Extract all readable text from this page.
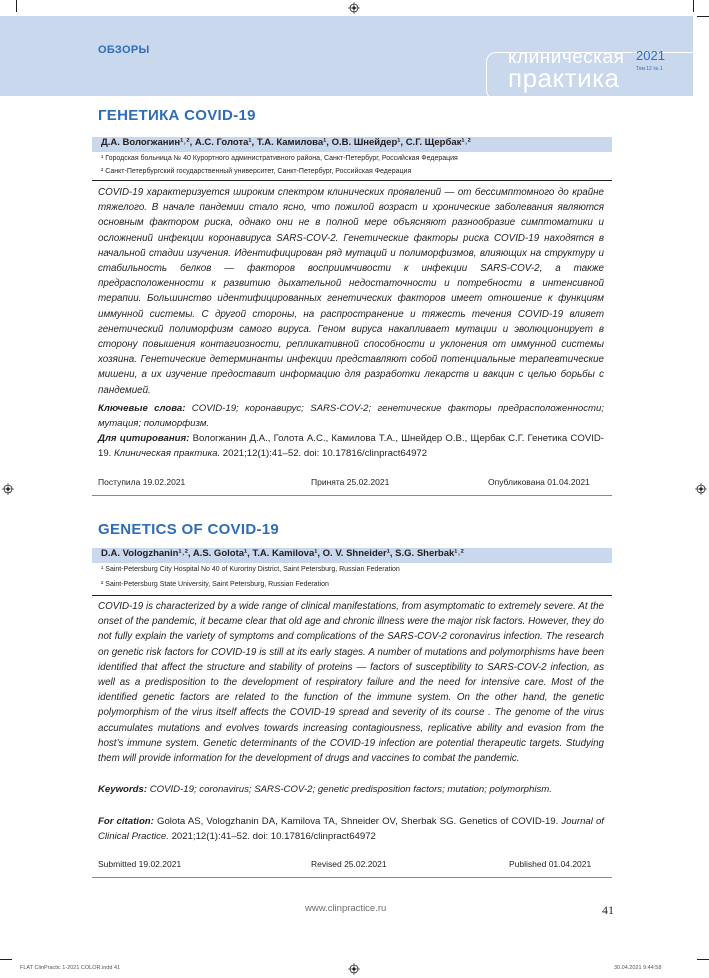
ОБЗОРЫ	клиническая
практика
2021
Том 12 № 1
ГЕНЕТИКА COVID-19
Д.А. Вологжанин¹˒², А.С. Голота¹, Т.А. Камилова¹, О.В. Шнейдер¹, С.Г. Щербак¹˒²
¹ Городская больница № 40 Курортного административного района, Санкт-Петербург, Российская Федерация
² Санкт-Петербургский государственный университет, Санкт-Петербург, Российская Федерация

COVID-19 характеризуется широким спектром клинических проявлений — от бессимптомного до крайне тяжелого. В начале пандемии стало ясно, что пожилой возраст и хронические заболевания являются основным фактором риска, однако они не в полной мере объясняют разнообразие симптоматики и осложнений инфекции коронавируса SARS-COV-2. Генетические факторы риска COVID-19 находятся в начальной стадии изучения. Идентифицирован ряд мутаций и полиморфизмов, влияющих на структуру и стабильность белков — факторов восприимчивости к инфекции SARS-COV-2, а также предрасположенности к развитию дыхательной недостаточности и потребности в интенсивной терапии. Большинство идентифицированных генетических факторов имеет отношение к функциям иммунной системы. С другой стороны, на распространение и тяжесть течения COVID-19 влияет генетический полиморфизм самого вируса. Геном вируса накапливает мутации и эволюционирует в сторону повышения контагиозности, репликативной способности и уклонения от иммунной системы хозяина. Генетические детерминанты инфекции представляют собой потенциальные терапевтические мишени, а их изучение предоставит информацию для разработки лекарств и вакцин с целью борьбы с пандемией.

Ключевые слова: COVID-19; коронавирус; SARS-COV-2; генетические факторы предрасположенности; мутация; полиморфизм.

Для цитирования: Вологжанин Д.А., Голота А.С., Камилова Т.А., Шнейдер О.В., Щербак С.Г. Генетика COVID-19. Клиническая практика. 2021;12(1):41–52. doi: 10.17816/clinpract64972

Поступила 19.02.2021	Принята 25.02.2021	Опубликована 01.04.2021
GENETICS OF COVID-19
D.A. Vologzhanin¹˒², A.S. Golota¹, T.A. Kamilova¹, O. V. Shneider¹, S.G. Sherbak¹˒²
¹ Saint-Petersburg City Hospital No 40 of Kurortny District, Saint Petersburg, Russian Federation
² Saint-Petersburg State University, Saint Petersburg, Russian Federation

COVID-19 is characterized by a wide range of clinical manifestations, from asymptomatic to extremely severe. At the onset of the pandemic, it became clear that old age and chronic illness were the major risk factors. However, they do not fully explain the variety of symptoms and complications of the SARS-COV-2 coronavirus infection. The research on genetic risk factors for COVID-19 is still at its early stages. A number of mutations and polymorphisms have been identified that affect the structure and stability of proteins — factors of susceptibility to SARS-COV-2 infection, as well as a predisposition to the development of respiratory failure and the need for intensive care. Most of the identified genetic factors are related to the function of the immune system. On the other hand, the genetic polymorphism of the virus itself affects the COVID-19 spread and severity of its course . The genome of the virus accumulates mutations and evolves towards increasing contagiousness, replicative ability and evasion from the host’s immune system. Genetic determinants of the COVID-19 infection are potential therapeutic targets. Studying them will provide information for the development of drugs and vaccines to combat the pandemic.

Keywords: COVID-19; coronavirus; SARS-COV-2; genetic predisposition factors; mutation; polymorphism.

For citation: Golota AS, Vologzhanin DA, Kamilova TA, Shneider OV, Sherbak SG. Genetics of COVID-19. Journal of Clinical Practice. 2021;12(1):41–52. doi: 10.17816/clinpract64972

Submitted 19.02.2021	Revised 25.02.2021	Published 01.04.2021
www.clinpractice.ru	41
FLAT ClinPractic 1-2021 COLOR.indd 41	30.04.2021 9:44:58
